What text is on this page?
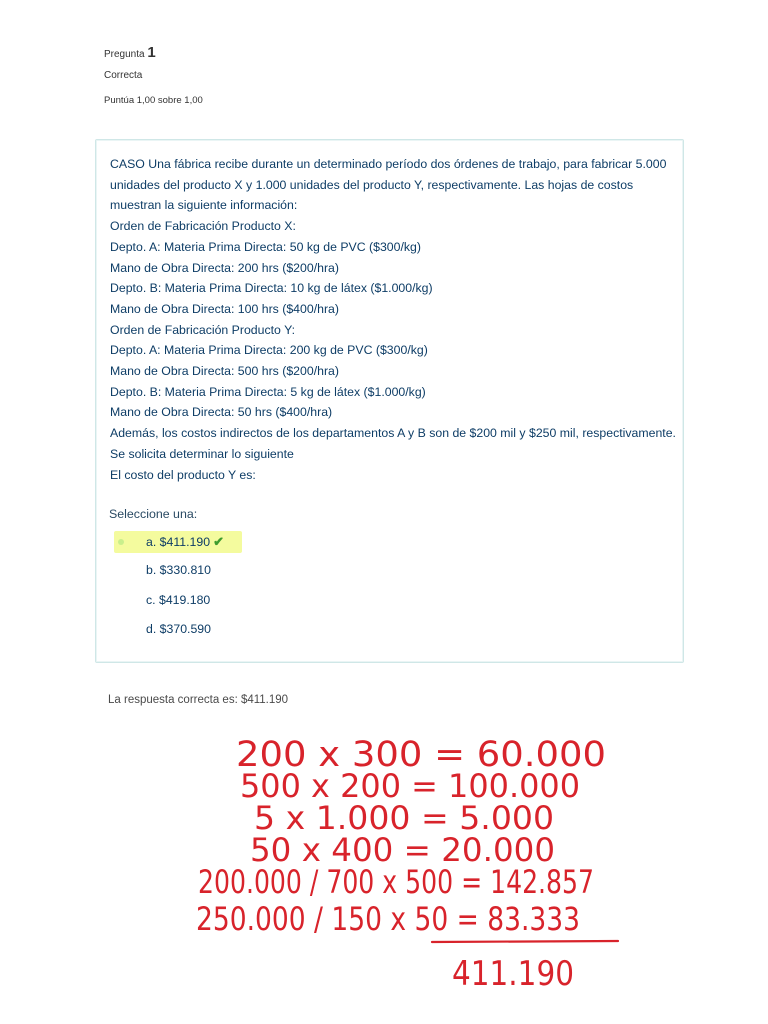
Pregunta 1
Correcta
Puntúa 1,00 sobre 1,00
CASO Una fábrica recibe durante un determinado período dos órdenes de trabajo, para fabricar 5.000
unidades del producto X y 1.000 unidades del producto Y, respectivamente. Las hojas de costos
muestran la siguiente información:
Orden de Fabricación Producto X:
Depto. A: Materia Prima Directa: 50 kg de PVC ($300/kg)
Mano de Obra Directa: 200 hrs ($200/hra)
Depto. B: Materia Prima Directa: 10 kg de látex ($1.000/kg)
Mano de Obra Directa: 100 hrs ($400/hra)
Orden de Fabricación Producto Y:
Depto. A: Materia Prima Directa: 200 kg de PVC ($300/kg)
Mano de Obra Directa: 500 hrs ($200/hra)
Depto. B: Materia Prima Directa: 5 kg de látex ($1.000/kg)
Mano de Obra Directa: 50 hrs ($400/hra)
Además, los costos indirectos de los departamentos A y B son de $200 mil y $250 mil, respectivamente.
Se solicita determinar lo siguiente
El costo del producto Y es:
Seleccione una:
a. $411.190 ✔
b. $330.810
c. $419.180
d. $370.590
La respuesta correcta es: $411.190
200 x 300 = 60.000
500 x 200 = 100.000
5 x 1.000 = 5.000
50 x 400 = 20.000
200.000 / 700 x 500 = 142.857
250.000 / 150 x 50 = 83.333
411.190
